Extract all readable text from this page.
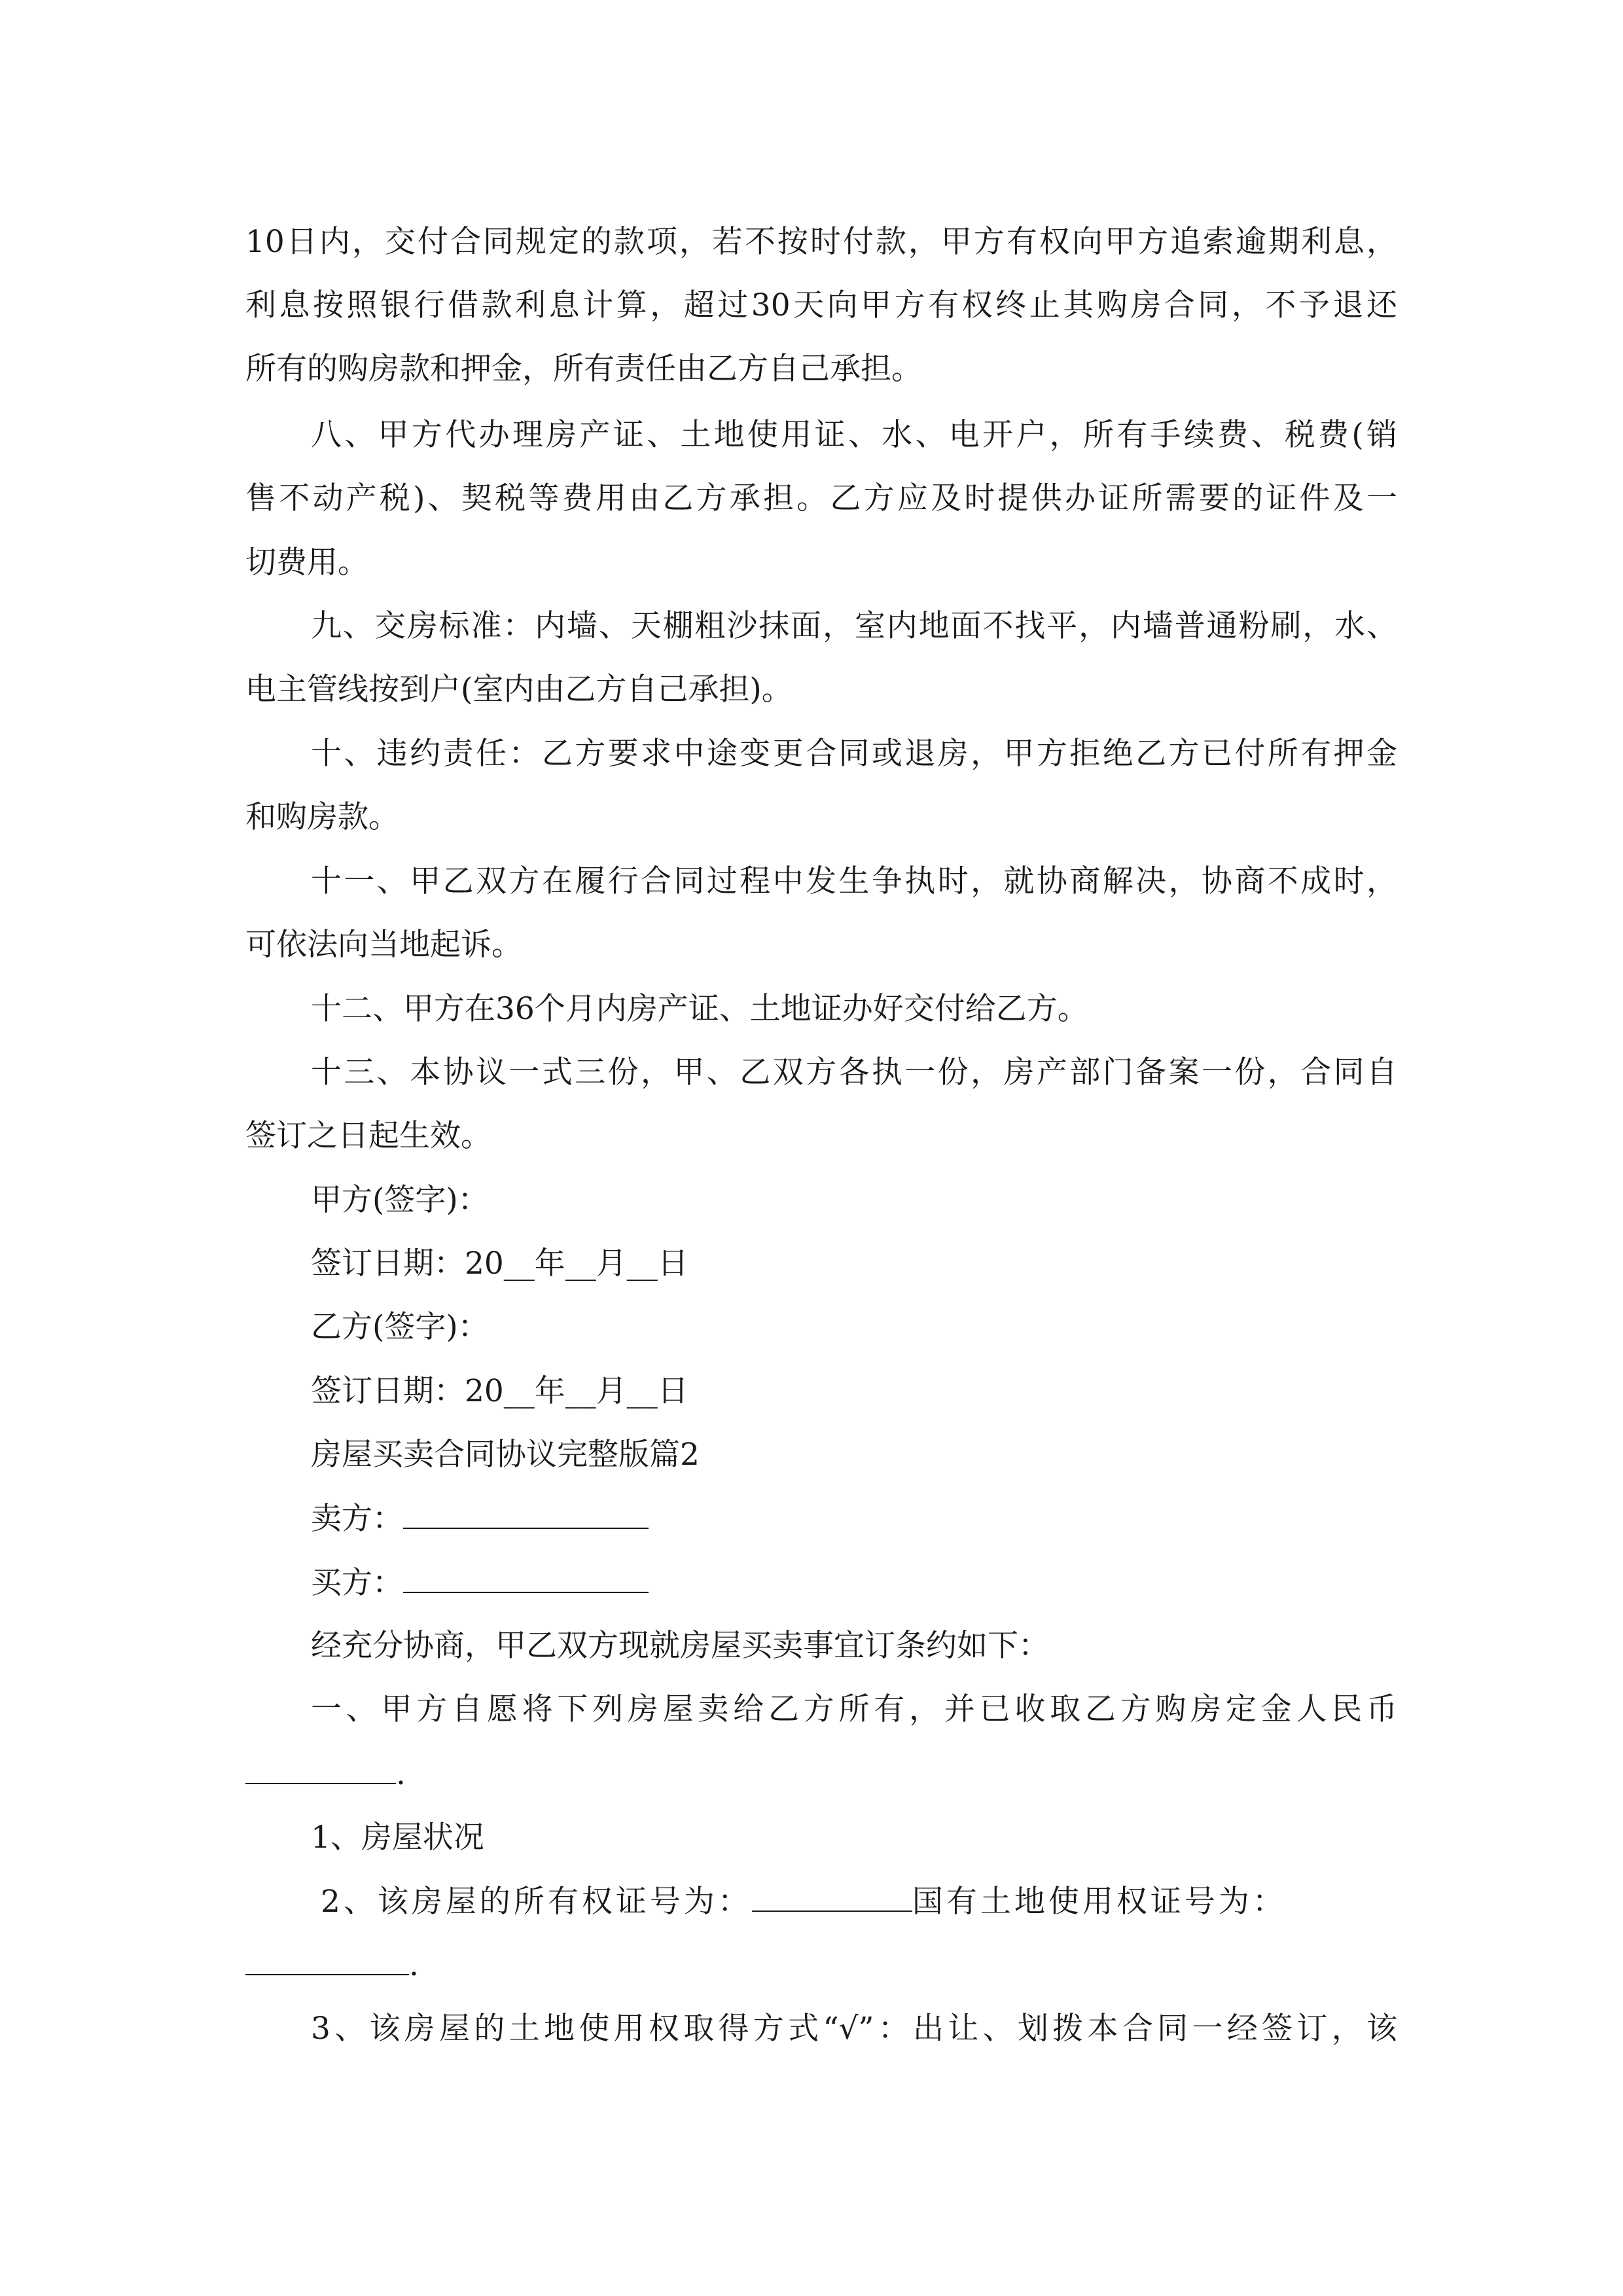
10日内，交付合同规定的款项，若不按时付款，甲方有权向甲方追索逾期利息，
利息按照银行借款利息计算，超过30天向甲方有权终止其购房合同，不予退还
所有的购房款和押金，所有责任由乙方自己承担。
八、甲方代办理房产证、土地使用证、水、电开户，所有手续费、税费(销
售不动产税)、契税等费用由乙方承担。乙方应及时提供办证所需要的证件及一
切费用。
九、交房标准：内墙、天棚粗沙抹面，室内地面不找平，内墙普通粉刷，水、
电主管线按到户(室内由乙方自己承担)。
十、违约责任：乙方要求中途变更合同或退房，甲方拒绝乙方已付所有押金
和购房款。
十一、甲乙双方在履行合同过程中发生争执时，就协商解决，协商不成时，
可依法向当地起诉。
十二、甲方在36个月内房产证、土地证办好交付给乙方。
十三、本协议一式三份，甲、乙双方各执一份，房产部门备案一份，合同自
签订之日起生效。
甲方(签字)：
签订日期：20__年__月__日
乙方(签字)：
签订日期：20__年__月__日
房屋买卖合同协议完整版篇2
卖方：
买方：
经充分协商，甲乙双方现就房屋买卖事宜订条约如下：
一、甲方自愿将下列房屋卖给乙方所有，并已收取乙方购房定金人民币
.
1、房屋状况
2、该房屋的所有权证号为：	国有土地使用权证号为：
.
3、该房屋的土地使用权取得方式“√”：出让、划拨本合同一经签订，该
